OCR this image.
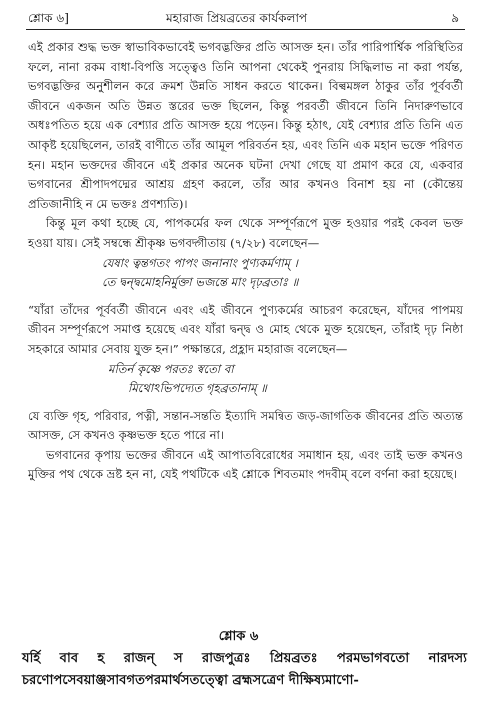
শ্লোক ৬]	মহারাজ প্রিয়ব্রতের কার্যকলাপ	৯

এই প্রকার শুদ্ধ ভক্ত স্বাভাবিকভাবেই ভগবদ্ভক্তির প্রতি আসক্ত হন। তাঁর পারিপার্শ্বিক পরিস্থিতির ফলে, নানা রকম বাধা-বিপত্তি সত্ত্বেও তিনি আপনা থেকেই পুনরায় সিদ্ধিলাভ না করা পর্যন্ত, ভগবদ্ভক্তির অনুশীলন করে ক্রমশ উন্নতি সাধন করতে থাকেন। বিল্বমঙ্গল ঠাকুর তাঁর পূর্ববর্তী জীবনে একজন অতি উন্নত স্তরের ভক্ত ছিলেন, কিন্তু পরবর্তী জীবনে তিনি নিদারুণভাবে অধঃপতিত হয়ে এক বেশ্যার প্রতি আসক্ত হয়ে পড়েন। কিন্তু হঠাৎ, যেই বেশ্যার প্রতি তিনি এত আকৃষ্ট হয়েছিলেন, তারই বাণীতে তাঁর আমূল পরিবর্তন হয়, এবং তিনি এক মহান ভক্তে পরিণত হন। মহান ভক্তদের জীবনে এই প্রকার অনেক ঘটনা দেখা গেছে যা প্রমাণ করে যে, একবার ভগবানের শ্রীপাদপদ্মের আশ্রয় গ্রহণ করলে, তাঁর আর কখনও বিনাশ হয় না (কৌন্তেয় প্রতিজানীহি ন মে ভক্তঃ প্রণশ্যতি)।

কিন্তু মূল কথা হচ্ছে যে, পাপকর্মের ফল থেকে সম্পূর্ণরূপে মুক্ত হওয়ার পরই কেবল ভক্ত হওয়া যায়। সেই সম্বন্ধে শ্রীকৃষ্ণ ভগবদ্গীতায় (৭/২৮) বলেছেন—

যেষাং ত্বন্তগতং পাপং জনানাং পুণ্যকর্মণাম্ ।
তে দ্বন্দ্বমোহনির্মুক্তা ভজন্তে মাং দৃঢ়ব্রতাঃ ॥

“যাঁরা তাঁদের পূর্ববর্তী জীবনে এবং এই জীবনে পুণ্যকর্মের আচরণ করেছেন, যাঁদের পাপময় জীবন সম্পূর্ণরূপে সমাপ্ত হয়েছে এবং যাঁরা দ্বন্দ্ব ও মোহ থেকে মুক্ত হয়েছেন, তাঁরাই দৃঢ় নিষ্ঠা সহকারে আমার সেবায় যুক্ত হন।” পক্ষান্তরে, প্রহ্লাদ মহারাজ বলেছেন—

মতির্ন কৃষ্ণে পরতঃ স্বতো বা
মিথোঽভিপদ্যেত গৃহব্রতানাম্ ॥

যে ব্যক্তি গৃহ, পরিবার, পত্নী, সন্তান-সন্ততি ইত্যাদি সমন্বিত জড়-জাগতিক জীবনের প্রতি অত্যন্ত আসক্ত, সে কখনও কৃষ্ণভক্ত হতে পারে না।

ভগবানের কৃপায় ভক্তের জীবনে এই আপাতবিরোধের সমাধান হয়, এবং তাই ভক্ত কখনও মুক্তির পথ থেকে ভ্রষ্ট হন না, যেই পথটিকে এই শ্লোকে শিবতমাং পদবীম্ বলে বর্ণনা করা হয়েছে।

শ্লোক ৬
যর্হি বাব হ রাজন্ স রাজপুত্রঃ প্রিয়ব্রতঃ পরমভাগবতো নারদস্য চরণোপসেবয়াঞ্জসাবগতপরমার্থসতত্ত্বো ব্রহ্মসত্রেণ দীক্ষিষ্যমাণো-
